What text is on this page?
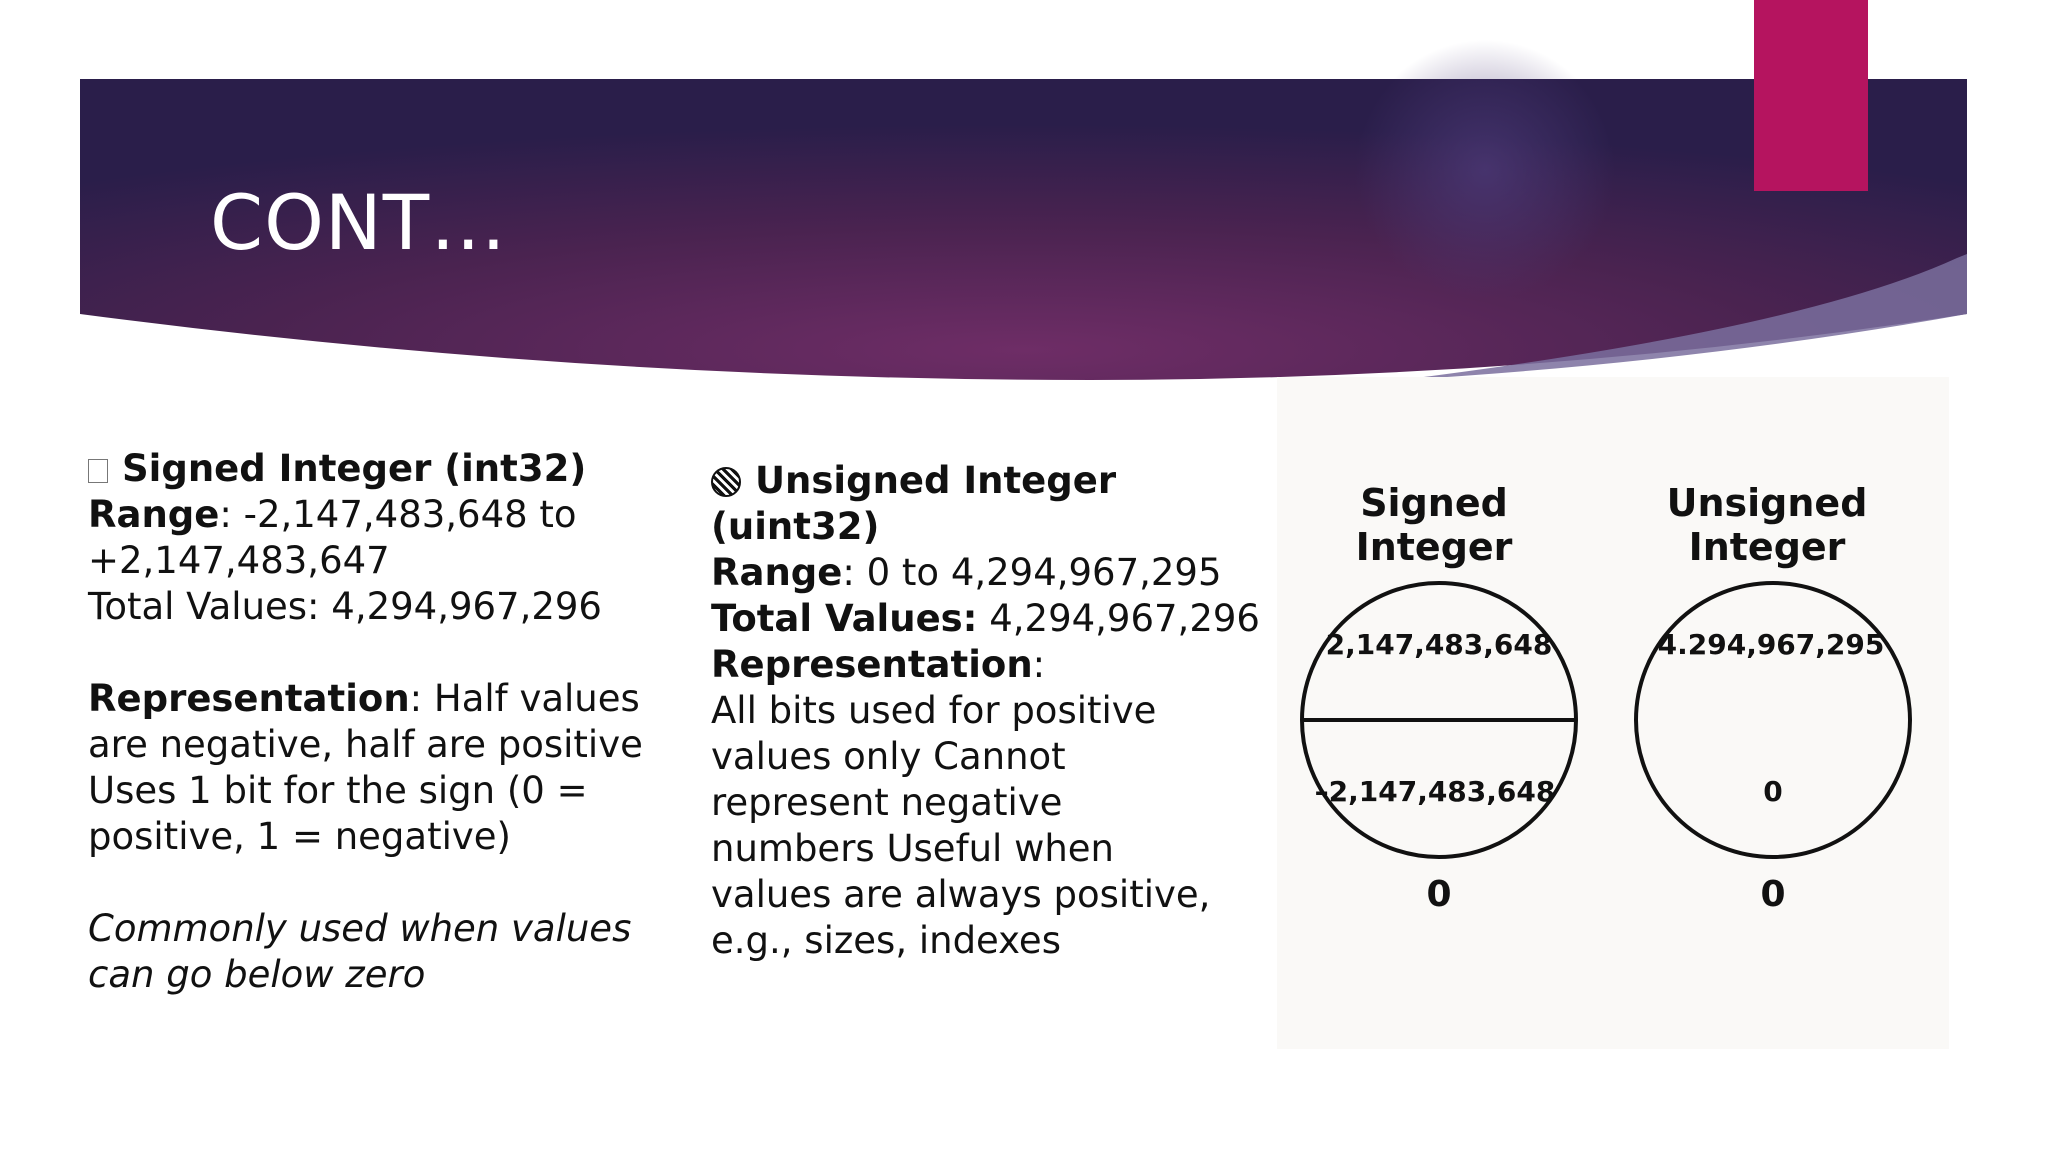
CONT…
Signed Integer (int32)
Range: -2,147,483,648 to
+2,147,483,647
Total Values: 4,294,967,296
Representation: Half values
are negative, half are positive
Uses 1 bit for the sign (0 =
positive, 1 = negative)
Commonly used when values
can go below zero
Unsigned Integer
(uint32)
Range: 0 to 4,294,967,295
Total Values: 4,294,967,296
Representation:
All bits used for positive
values only Cannot
represent negative
numbers Useful when
values are always positive,
e.g., sizes, indexes
Signed
Integer
Unsigned
Integer
2,147,483,648
–2,147,483,648
4.294,967,295
0
0	0
